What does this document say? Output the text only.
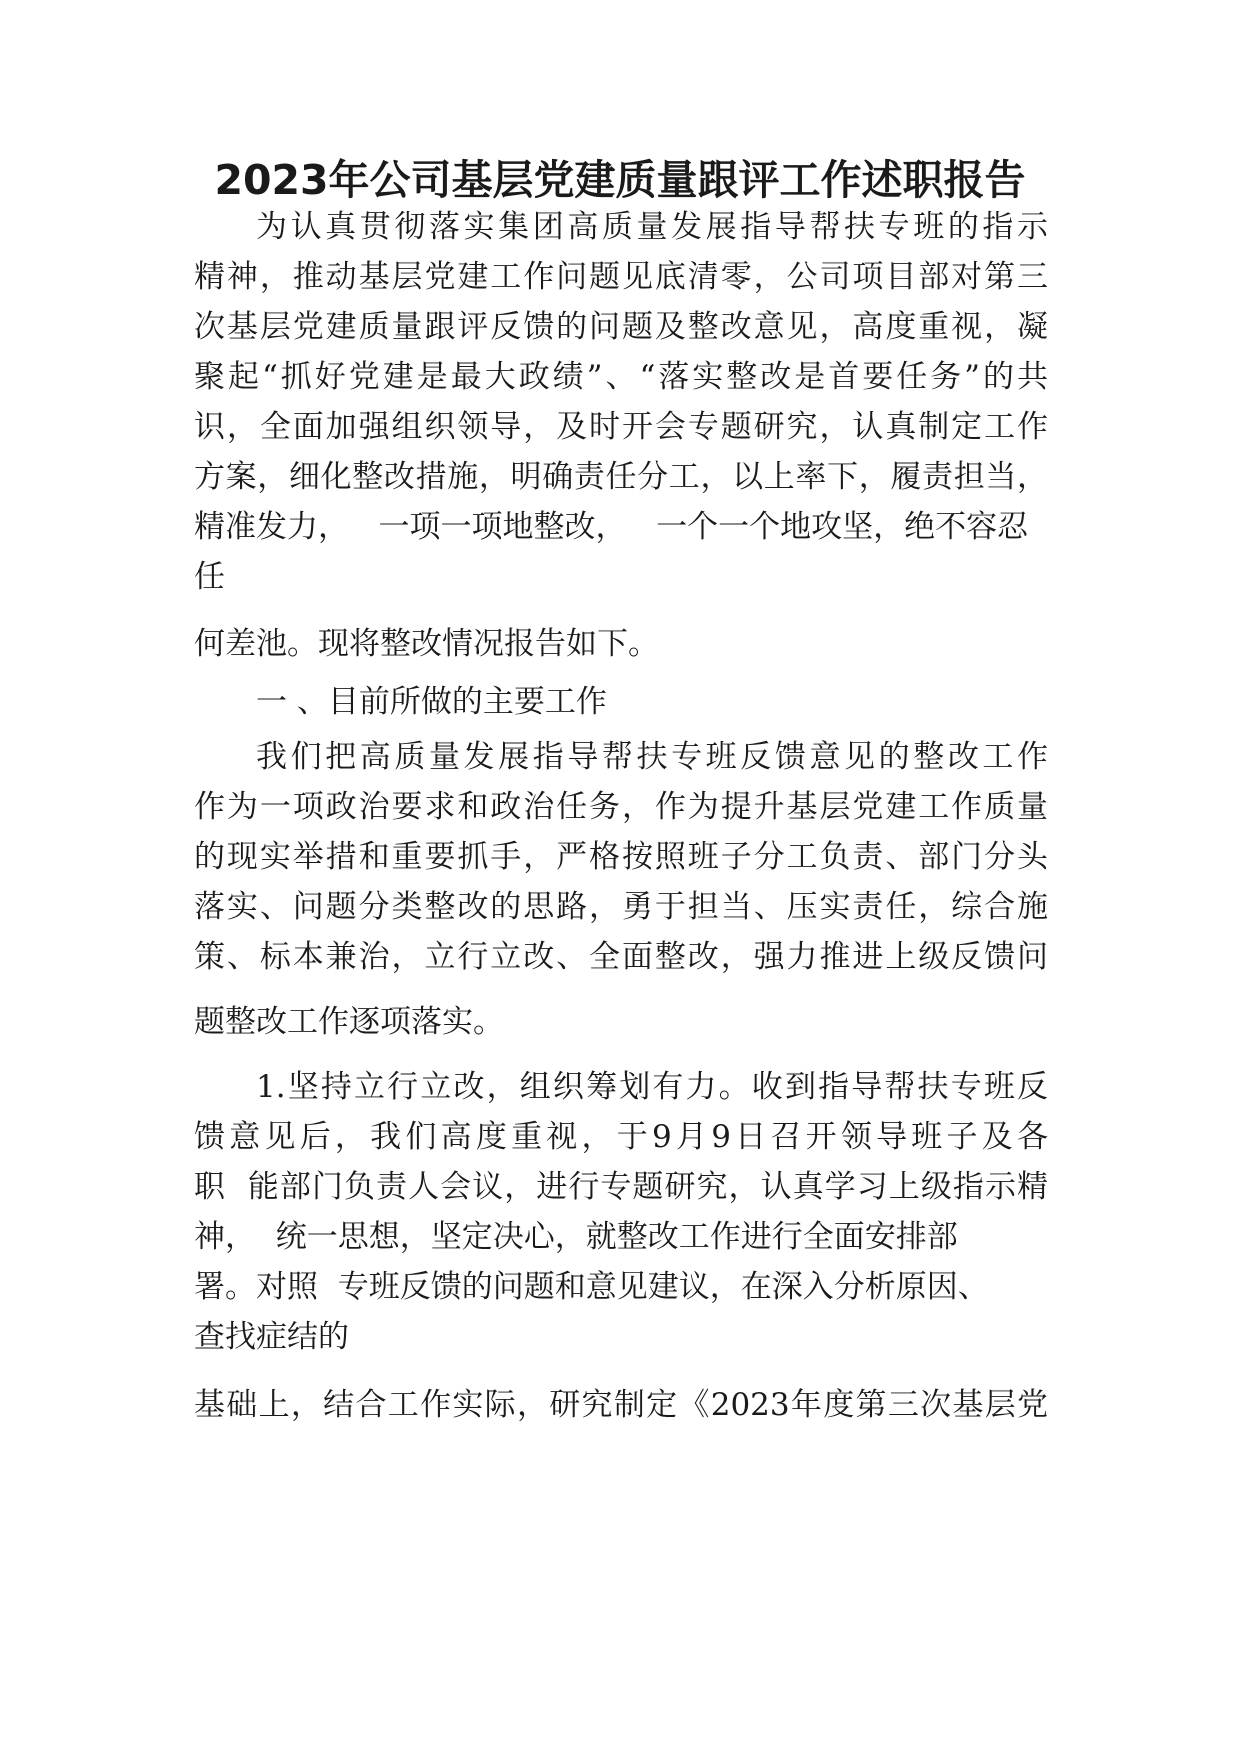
2023年公司基层党建质量跟评工作述职报告

为认真贯彻落实集团高质量发展指导帮扶专班的指示

精神，推动基层党建工作问题见底清零，公司项目部对第三

次基层党建质量跟评反馈的问题及整改意见，高度重视，凝

聚起“抓好党建是最大政绩”、“落实整改是首要任务”的共

识，全面加强组织领导，及时开会专题研究，认真制定工作

方案，细化整改措施，明确责任分工，以上率下，履责担当，

精准发力，   一项一项地整改，   一个一个地攻坚，绝不容忍

任

何差池。现将整改情况报告如下。

一 、目前所做的主要工作

我们把高质量发展指导帮扶专班反馈意见的整改工作

作为一项政治要求和政治任务，作为提升基层党建工作质量

的现实举措和重要抓手，严格按照班子分工负责、部门分头

落实、问题分类整改的思路，勇于担当、压实责任，综合施

策、标本兼治，立行立改、全面整改，强力推进上级反馈问

题整改工作逐项落实。

1.坚持立行立改，组织筹划有力。收到指导帮扶专班反

馈意见后，我们高度重视，于9月9日召开领导班子及各

职  能部门负责人会议，进行专题研究，认真学习上级指示精

神，  统一思想，坚定决心，就整改工作进行全面安排部

署。对照  专班反馈的问题和意见建议，在深入分析原因、

查找症结的

基础上，结合工作实际，研究制定《2023年度第三次基层党
